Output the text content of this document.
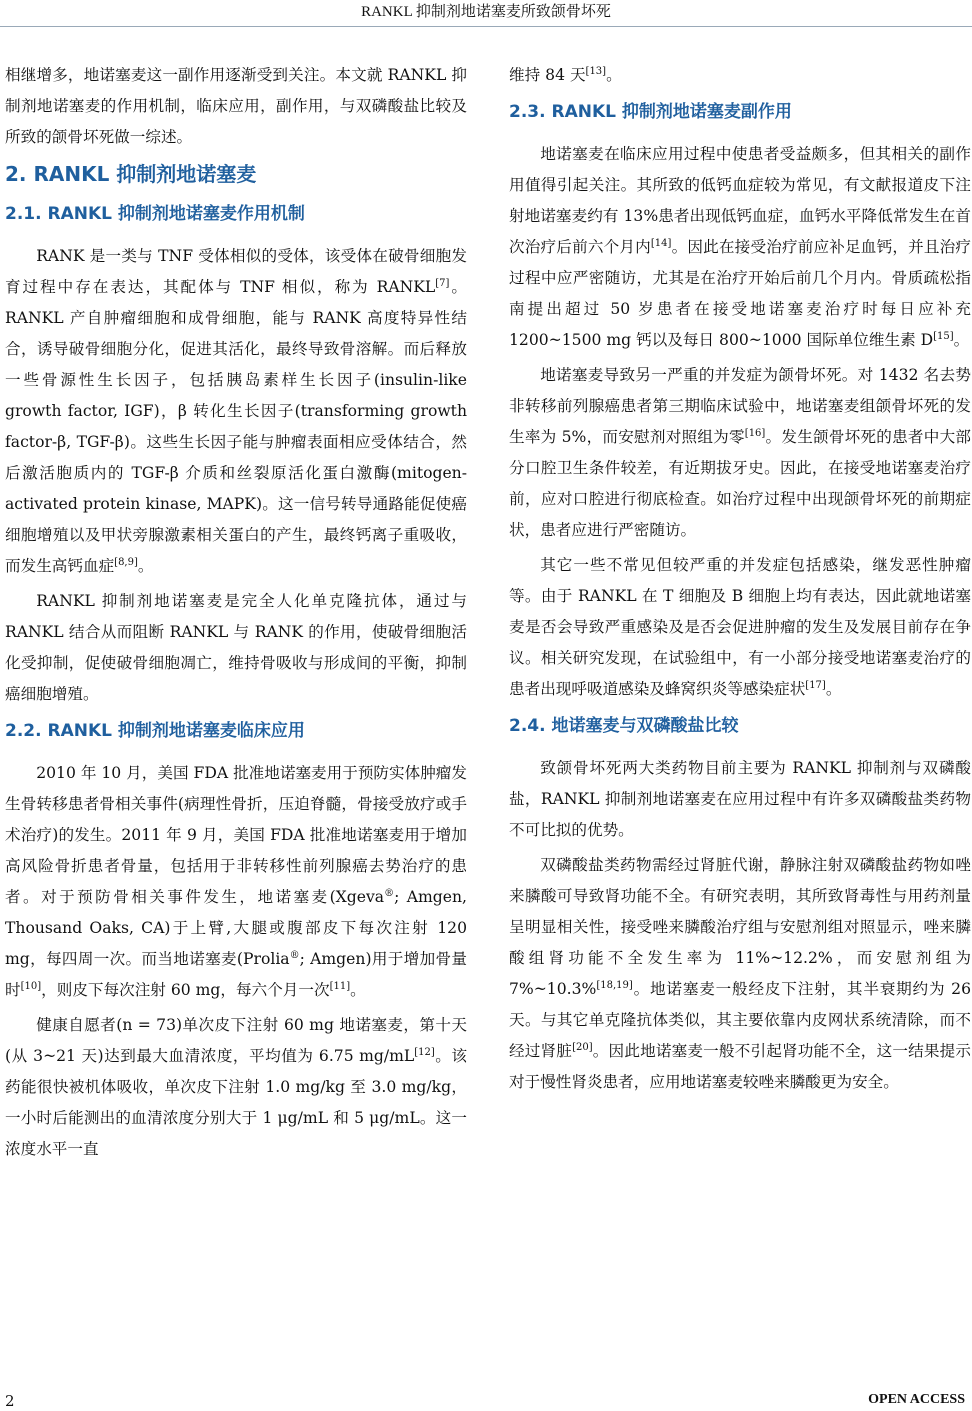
RANKL 抑制剂地诺塞麦所致颌骨坏死

相继增多，地诺塞麦这一副作用逐渐受到关注。本文就 RANKL 抑制剂地诺塞麦的作用机制，临床应用，副作用，与双磷酸盐比较及所致的颌骨坏死做一综述。

2. RANKL 抑制剂地诺塞麦
2.1. RANKL 抑制剂地诺塞麦作用机制

RANK 是一类与 TNF 受体相似的受体，该受体在破骨细胞发育过程中存在表达，其配体与 TNF 相似，称为 RANKL[7]。RANKL 产自肿瘤细胞和成骨细胞，能与 RANK 高度特异性结合，诱导破骨细胞分化，促进其活化，最终导致骨溶解。而后释放一些骨源性生长因子，包括胰岛素样生长因子(insulin-like growth factor, IGF)，β 转化生长因子(transforming growth factor-β, TGF-β)。这些生长因子能与肿瘤表面相应受体结合，然后激活胞质内的 TGF-β 介质和丝裂原活化蛋白激酶(mitogen-activated protein kinase, MAPK)。这一信号转导通路能促使癌细胞增殖以及甲状旁腺激素相关蛋白的产生，最终钙离子重吸收，而发生高钙血症[8,9]。

RANKL 抑制剂地诺塞麦是完全人化单克隆抗体，通过与 RANKL 结合从而阻断 RANKL 与 RANK 的作用，使破骨细胞活化受抑制，促使破骨细胞凋亡，维持骨吸收与形成间的平衡，抑制癌细胞增殖。

2.2. RANKL 抑制剂地诺塞麦临床应用

2010 年 10 月，美国 FDA 批准地诺塞麦用于预防实体肿瘤发生骨转移患者骨相关事件(病理性骨折，压迫脊髓，骨接受放疗或手术治疗)的发生。2011 年 9 月，美国 FDA 批准地诺塞麦用于增加高风险骨折患者骨量，包括用于非转移性前列腺癌去势治疗的患者。对于预防骨相关事件发生，地诺塞麦(Xgeva®; Amgen, Thousand Oaks, CA)于上臂,大腿或腹部皮下每次注射 120 mg，每四周一次。而当地诺塞麦(Prolia®; Amgen)用于增加骨量时[10]，则皮下每次注射 60 mg，每六个月一次[11]。

健康自愿者(n = 73)单次皮下注射 60 mg 地诺塞麦，第十天(从 3~21 天)达到最大血清浓度，平均值为 6.75 mg/mL[12]。该药能很快被机体吸收，单次皮下注射 1.0 mg/kg 至 3.0 mg/kg，一小时后能测出的血清浓度分别大于 1 μg/mL 和 5 μg/mL。这一浓度水平一直

维持 84 天[13]。

2.3. RANKL 抑制剂地诺塞麦副作用

地诺塞麦在临床应用过程中使患者受益颇多，但其相关的副作用值得引起关注。其所致的低钙血症较为常见，有文献报道皮下注射地诺塞麦约有 13%患者出现低钙血症，血钙水平降低常发生在首次治疗后前六个月内[14]。因此在接受治疗前应补足血钙，并且治疗过程中应严密随访，尤其是在治疗开始后前几个月内。骨质疏松指南提出超过 50 岁患者在接受地诺塞麦治疗时每日应补充 1200~1500 mg 钙以及每日 800~1000 国际单位维生素 D[15]。

地诺塞麦导致另一严重的并发症为颌骨坏死。对 1432 名去势非转移前列腺癌患者第三期临床试验中，地诺塞麦组颌骨坏死的发生率为 5%，而安慰剂对照组为零[16]。发生颌骨坏死的患者中大部分口腔卫生条件较差，有近期拔牙史。因此，在接受地诺塞麦治疗前，应对口腔进行彻底检查。如治疗过程中出现颌骨坏死的前期症状，患者应进行严密随访。

其它一些不常见但较严重的并发症包括感染，继发恶性肿瘤等。由于 RANKL 在 T 细胞及 B 细胞上均有表达，因此就地诺塞麦是否会导致严重感染及是否会促进肿瘤的发生及发展目前存在争议。相关研究发现，在试验组中，有一小部分接受地诺塞麦治疗的患者出现呼吸道感染及蜂窝织炎等感染症状[17]。

2.4. 地诺塞麦与双磷酸盐比较

致颌骨坏死两大类药物目前主要为 RANKL 抑制剂与双磷酸盐，RANKL 抑制剂地诺塞麦在应用过程中有许多双磷酸盐类药物不可比拟的优势。

双磷酸盐类药物需经过肾脏代谢，静脉注射双磷酸盐药物如唑来膦酸可导致肾功能不全。有研究表明，其所致肾毒性与用药剂量呈明显相关性，接受唑来膦酸治疗组与安慰剂组对照显示，唑来膦酸组肾功能不全发生率为 11%~12.2%，而安慰剂组为 7%~10.3%[18,19]。地诺塞麦一般经皮下注射，其半衰期约为 26 天。与其它单克隆抗体类似，其主要依靠内皮网状系统清除，而不经过肾脏[20]。因此地诺塞麦一般不引起肾功能不全，这一结果提示对于慢性肾炎患者，应用地诺塞麦较唑来膦酸更为安全。

2	OPEN ACCESS
